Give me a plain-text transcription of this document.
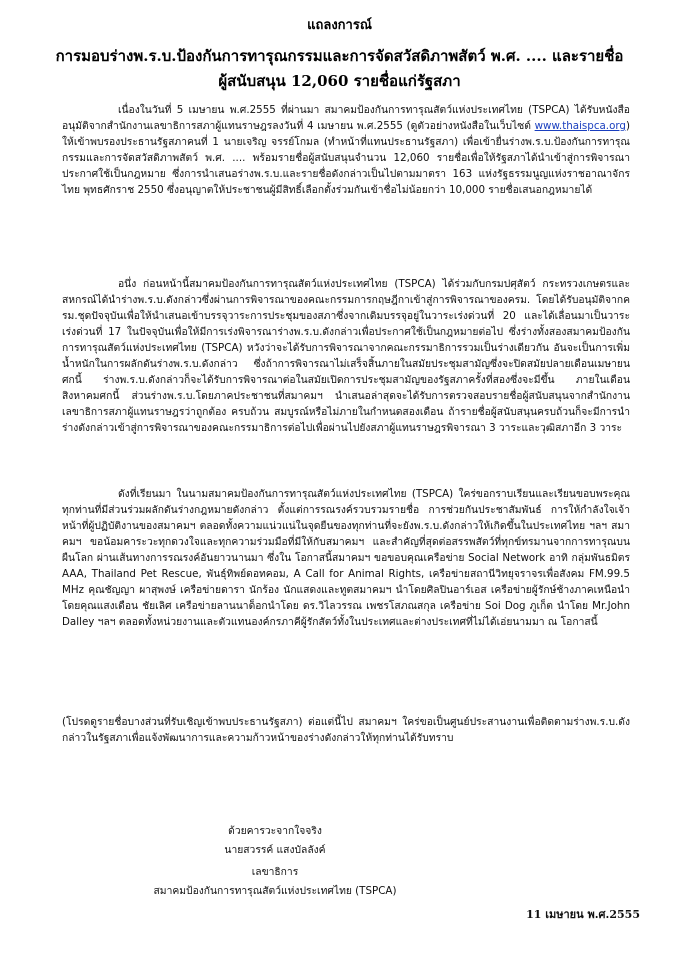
แถลงการณ์
การมอบร่างพ.ร.บ.ป้องกันการทารุณกรรมและการจัดสวัสดิภาพสัตว์ พ.ศ. .... และรายชื่อ
ผู้สนับสนุน 12,060 รายชื่อแก่รัฐสภา
เนื่องในวันที่ 5 เมษายน พ.ศ.2555 ที่ผ่านมา สมาคมป้องกันการทารุณสัตว์แห่งประเทศไทย (TSPCA) ได้รับหนังสืออนุมัติจากสำนักงานเลขาธิการสภาผู้แทนราษฎรลงวันที่ 4 เมษายน พ.ศ.2555 (ดูตัวอย่างหนังสือในเว็บไซต์ www.thaispca.org) ให้เข้าพบรองประธานรัฐสภาคนที่ 1 นายเจริญ จรรย์โกมล (ทำหน้าที่แทนประธานรัฐสภา) เพื่อเข้ายื่นร่างพ.ร.บ.ป้องกันการทารุณกรรมและการจัดสวัสดิภาพสัตว์ พ.ศ. .... พร้อมรายชื่อผู้สนับสนุนจำนวน 12,060 รายชื่อเพื่อให้รัฐสภาได้นำเข้าสู่การพิจารณาประกาศใช้เป็นกฎหมาย ซึ่งการนำเสนอร่างพ.ร.บ.และรายชื่อดังกล่าวเป็นไปตามมาตรา 163 แห่งรัฐธรรมนูญแห่งราชอาณาจักรไทย พุทธศักราช 2550 ซึ่งอนุญาตให้ประชาชนผู้มีสิทธิ์เลือกตั้งร่วมกันเข้าชื่อไม่น้อยกว่า 10,000 รายชื่อเสนอกฎหมายได้
อนึ่ง ก่อนหน้านี้สมาคมป้องกันการทารุณสัตว์แห่งประเทศไทย (TSPCA) ได้ร่วมกับกรมปศุสัตว์ กระทรวงเกษตรและสหกรณ์ได้นำร่างพ.ร.บ.ดังกล่าวซึ่งผ่านการพิจารณาของคณะกรรมการกฤษฎีกาเข้าสู่การพิจารณาของครม. โดยได้รับอนุมัติจากครม.ชุดปัจจุบันเพื่อให้นำเสนอเข้าบรรจุวาระการประชุมของสภาซึ่งจากเดิมบรรจุอยู่ในวาระเร่งด่วนที่ 20 และได้เลื่อนมาเป็นวาระเร่งด่วนที่ 17 ในปัจจุบันเพื่อให้มีการเร่งพิจารณาร่างพ.ร.บ.ดังกล่าวเพื่อประกาศใช้เป็นกฎหมายต่อไป ซึ่งร่างทั้งสองสมาคมป้องกันการทารุณสัตว์แห่งประเทศไทย (TSPCA) หวังว่าจะได้รับการพิจารณาจากคณะกรรมาธิการรวมเป็นร่างเดียวกัน อันจะเป็นการเพิ่มน้ำหนักในการผลักดันร่างพ.ร.บ.ดังกล่าว ซึ่งถ้าการพิจารณาไม่เสร็จสิ้นภายในสมัยประชุมสามัญซึ่งจะปิดสมัยปลายเดือนเมษายนศกนี้ ร่างพ.ร.บ.ดังกล่าวก็จะได้รับการพิจารณาต่อในสมัยเปิดการประชุมสามัญของรัฐสภาครั้งที่สองซึ่งจะมีขึ้น ภายในเดือนสิงหาคมศกนี้ ส่วนร่างพ.ร.บ.โดยภาคประชาชนที่สมาคมฯ นำเสนอล่าสุดจะได้รับการตรวจสอบรายชื่อผู้สนับสนุนจากสำนักงานเลขาธิการสภาผู้แทนราษฎรว่าถูกต้อง ครบถ้วน สมบูรณ์หรือไม่ภายในกำหนดสองเดือน ถ้ารายชื่อผู้สนับสนุนครบถ้วนก็จะมีการนำร่างดังกล่าวเข้าสู่การพิจารณาของคณะกรรมาธิการต่อไปเพื่อผ่านไปยังสภาผู้แทนราษฎรพิจารณา 3 วาระและวุฒิสภาอีก 3 วาระ
ดังที่เรียนมา ในนามสมาคมป้องกันการทารุณสัตว์แห่งประเทศไทย (TSPCA) ใคร่ขอกราบเรียนและเรียนขอบพระคุณทุกท่านที่มีส่วนร่วมผลักดันร่างกฎหมายดังกล่าว ตั้งแต่การรณรงค์รวบรวมรายชื่อ การช่วยกันประชาสัมพันธ์ การให้กำลังใจเจ้าหน้าที่ผู้ปฏิบัติงานของสมาคมฯ ตลอดทั้งความแน่วแน่ในจุดยืนของทุกท่านที่จะยังพ.ร.บ.ดังกล่าวให้เกิดขึ้นในประเทศไทย ฯลฯ สมาคมฯ ขอน้อมคาระวะทุกดวงใจและทุกความร่วมมือที่มีให้กับสมาคมฯ และสำคัญที่สุดต่อสรรพสัตว์ที่ทุกข์ทรมานจากการทารุณบนผืนโลก ผ่านเส้นทางการรณรงค์อันยาวนานมา ซึ่งใน โอกาสนี้สมาคมฯ ขอขอบคุณเครือข่าย Social Network อาทิ กลุ่มพันธมิตร AAA, Thailand Pet Rescue, พันธุ์ทิพย์ดอทคอม, A Call for Animal Rights, เครือข่ายสถานีวิทยุจราจรเพื่อสังคม FM.99.5 MHz คุณชัญญา ผาสุพงษ์ เครือข่ายดารา นักร้อง นักแสดงและทูตสมาคมฯ นำโดยศิลปินอาร์เอส เครือข่ายผู้รักษ์ช้างภาคเหนือนำโดยคุณแสงเดือน ชัยเลิศ เครือข่ายลานนาด็อกนำโดย ดร.วิไลวรรณ เพชรโสภณสกุล เครือข่าย Soi Dog ภูเก็ต นำโดย Mr.John Dalley ฯลฯ ตลอดทั้งหน่วยงานและตัวแทนองค์กรภาคีผู้รักสัตว์ทั้งในประเทศและต่างประเทศที่ไม่ได้เอ่ยนามมา ณ โอกาสนี้
(โปรดดูรายชื่อบางส่วนที่รับเชิญเข้าพบประธานรัฐสภา) ต่อแต่นี้ไป สมาคมฯ ใคร่ขอเป็นศูนย์ประสานงานเพื่อติดตามร่างพ.ร.บ.ดังกล่าวในรัฐสภาเพื่อแจ้งพัฒนาการและความก้าวหน้าของร่างดังกล่าวให้ทุกท่านได้รับทราบ
ด้วยคารวะจากใจจริง
นายสวรรค์ แสงบัลลังค์
เลขาธิการ
สมาคมป้องกันการทารุณสัตว์แห่งประเทศไทย (TSPCA)
11 เมษายน พ.ศ.2555
